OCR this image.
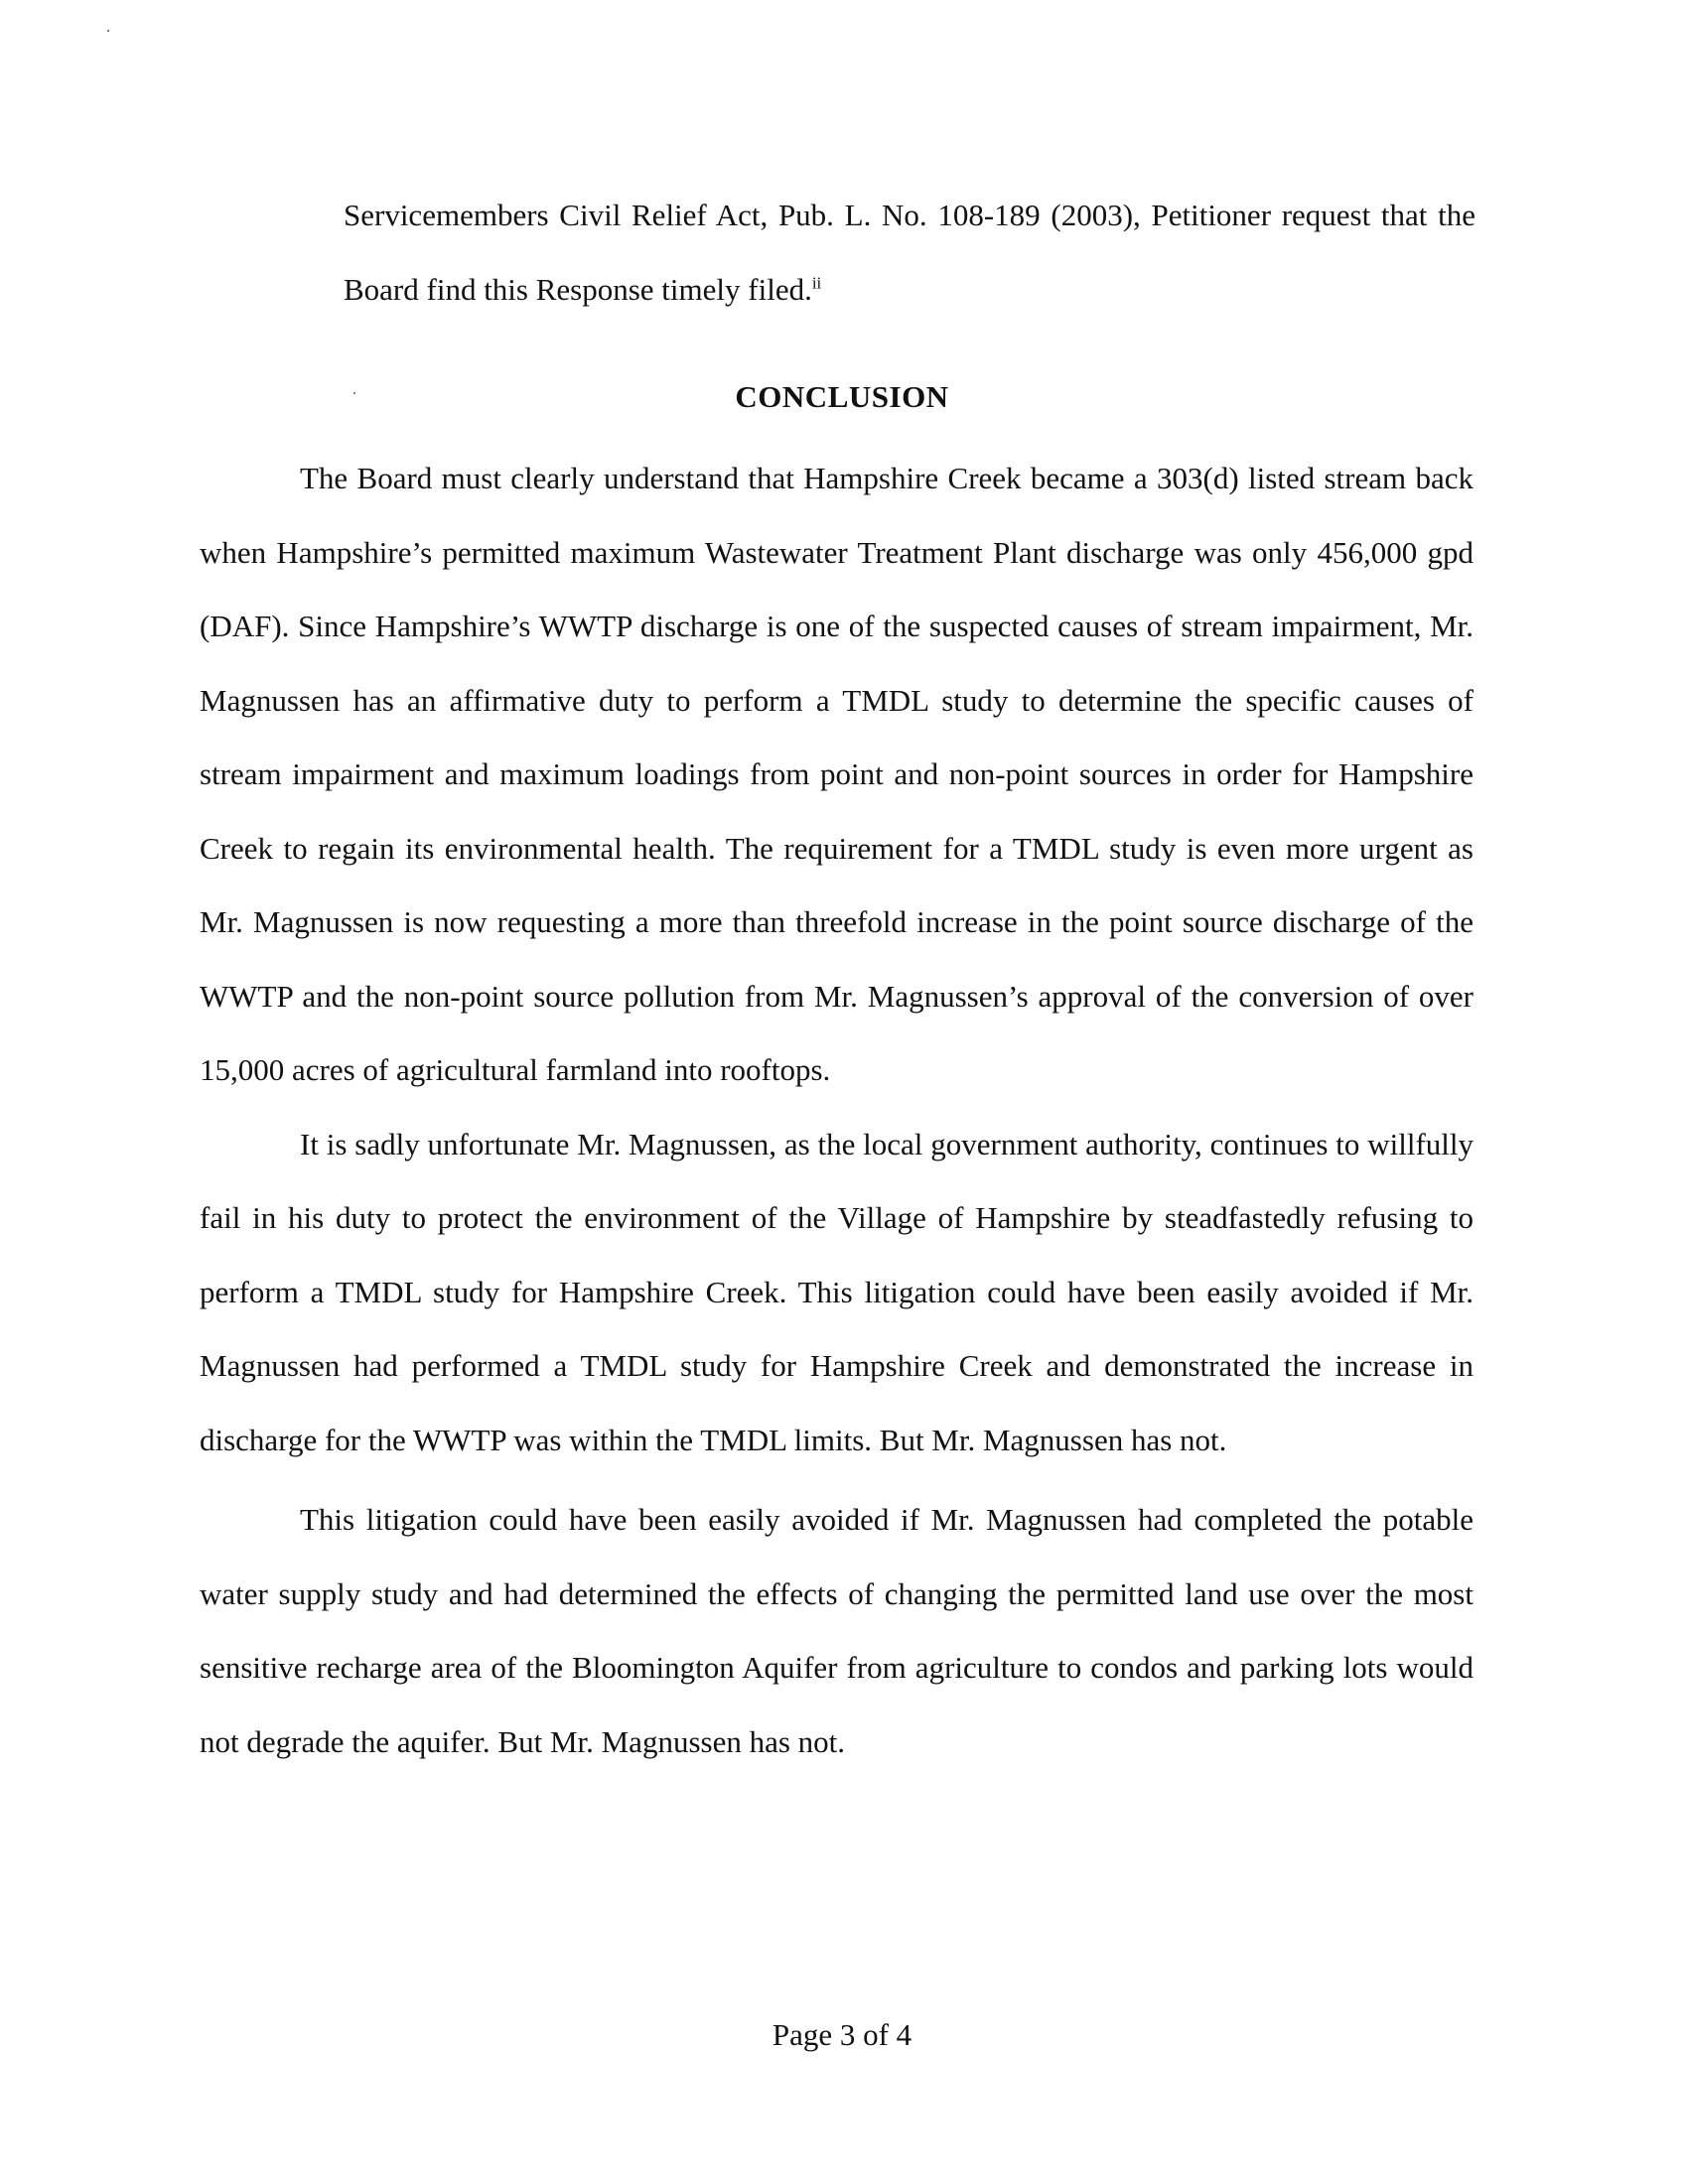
Servicemembers Civil Relief Act, Pub. L. No. 108-189 (2003), Petitioner request that the Board find this Response timely filed.$^{ii}$

CONCLUSION

The Board must clearly understand that Hampshire Creek became a 303(d) listed stream back when Hampshire’s permitted maximum Wastewater Treatment Plant discharge was only 456,000 gpd (DAF). Since Hampshire’s WWTP discharge is one of the suspected causes of stream impairment, Mr. Magnussen has an affirmative duty to perform a TMDL study to determine the specific causes of stream impairment and maximum loadings from point and non-point sources in order for Hampshire Creek to regain its environmental health. The requirement for a TMDL study is even more urgent as Mr. Magnussen is now requesting a more than threefold increase in the point source discharge of the WWTP and the non-point source pollution from Mr. Magnussen’s approval of the conversion of over 15,000 acres of agricultural farmland into rooftops.

It is sadly unfortunate Mr. Magnussen, as the local government authority, continues to willfully fail in his duty to protect the environment of the Village of Hampshire by steadfastedly refusing to perform a TMDL study for Hampshire Creek. This litigation could have been easily avoided if Mr. Magnussen had performed a TMDL study for Hampshire Creek and demonstrated the increase in discharge for the WWTP was within the TMDL limits. But Mr. Magnussen has not.

This litigation could have been easily avoided if Mr. Magnussen had completed the potable water supply study and had determined the effects of changing the permitted land use over the most sensitive recharge area of the Bloomington Aquifer from agriculture to condos and parking lots would not degrade the aquifer. But Mr. Magnussen has not.

Page 3 of 4
